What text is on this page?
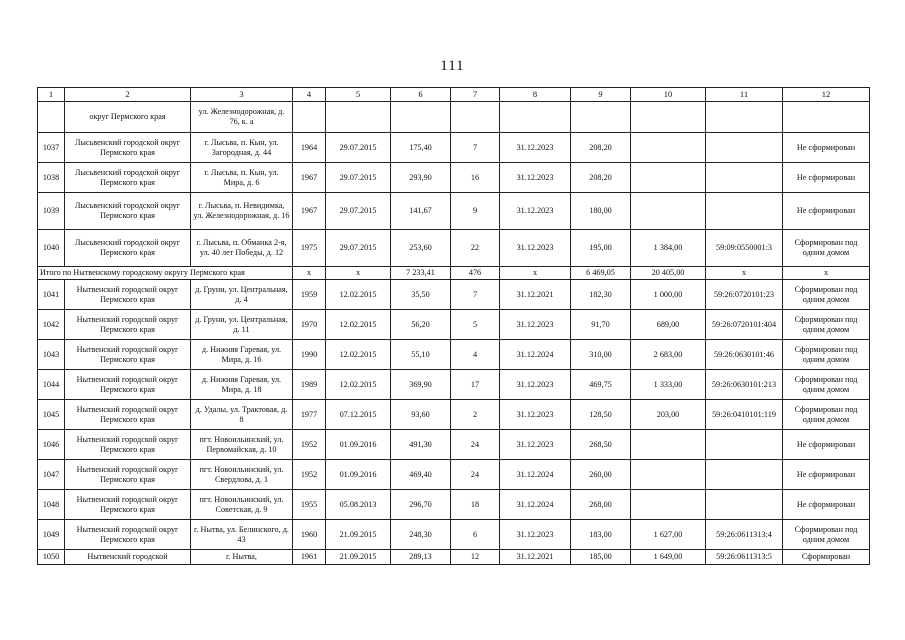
111
1	2	3	4	5	6	7	8	9	10	11	12
	округ Пермского края	ул. Железнодорожная, д. 76, к. а									
1037	Лысьвенский городской округ Пермского края	г. Лысьва, п. Кын, ул. Загородная, д. 44	1964	29.07.2015	175,40	7	31.12.2023	208,20			Не сформирован
1038	Лысьвенский городской округ Пермского края	г. Лысьва, п. Кын, ул. Мира, д. 6	1967	29.07.2015	293,90	16	31.12.2023	208,20			Не сформирован
1039	Лысьвенский городской округ Пермского края	г. Лысьва, п. Невидимка, ул. Железнодорожная, д. 16	1967	29.07.2015	141,67	9	31.12.2023	180,00			Не сформирован
1040	Лысьвенский городской округ Пермского края	г. Лысьва, п. Обманка 2-я, ул. 40 лет Победы, д. 12	1975	29.07.2015	253,60	22	31.12.2023	195,00	1 384,00	59:09:0550001:3	Сформирован под одним домом
Итого по Нытвенскому городскому округу Пермского края			x	x	7 233,41	476	x	6 469,05	20 405,00	x	x
1041	Нытвенский городской округ Пермского края	д. Груни, ул. Центральная, д. 4	1959	12.02.2015	35,50	7	31.12.2021	182,30	1 000,00	59:26:0720101:23	Сформирован под одним домом
1042	Нытвенский городской округ Пермского края	д. Груни, ул. Центральная, д. 11	1970	12.02.2015	56,20	5	31.12.2023	91,70	689,00	59:26:0720101:404	Сформирован под одним домом
1043	Нытвенский городской округ Пермского края	д. Нижняя Гаревая, ул. Мира, д. 16	1990	12.02.2015	55,10	4	31.12.2024	310,00	2 683,00	59:26:0630101:46	Сформирован под одним домом
1044	Нытвенский городской округ Пермского края	д. Нижняя Гаревая, ул. Мира, д. 18	1989	12.02.2015	369,90	17	31.12.2023	469,75	1 333,00	59:26:0630101:213	Сформирован под одним домом
1045	Нытвенский городской округ Пермского края	д. Удалы, ул. Трактовая, д. 8	1977	07.12.2015	93,60	2	31.12.2023	128,50	203,00	59:26:0410101:119	Сформирован под одним домом
1046	Нытвенский городской округ Пермского края	пгт. Новоильинский, ул. Первомайская, д. 10	1952	01.09.2016	491,30	24	31.12.2023	268,50			Не сформирован
1047	Нытвенский городской округ Пермского края	пгт. Новоильинский, ул. Свердлова, д. 1	1952	01.09.2016	469,40	24	31.12.2024	260,00			Не сформирован
1048	Нытвенский городской округ Пермского края	пгт. Новоильинский, ул. Советская, д. 9	1955	05.08.2013	296,70	18	31.12.2024	268,00			Не сформирован
1049	Нытвенский городской округ Пермского края	г. Нытва, ул. Белинского, д. 43	1960	21.09.2015	248,30	6	31.12.2023	183,00	1 627,00	59:26:0611313:4	Сформирован под одним домом
1050	Нытвенский городской	г. Нытва,	1961	21.09.2015	289,13	12	31.12.2021	185,00	1 649,00	59:26:0611313:5	Сформирован
